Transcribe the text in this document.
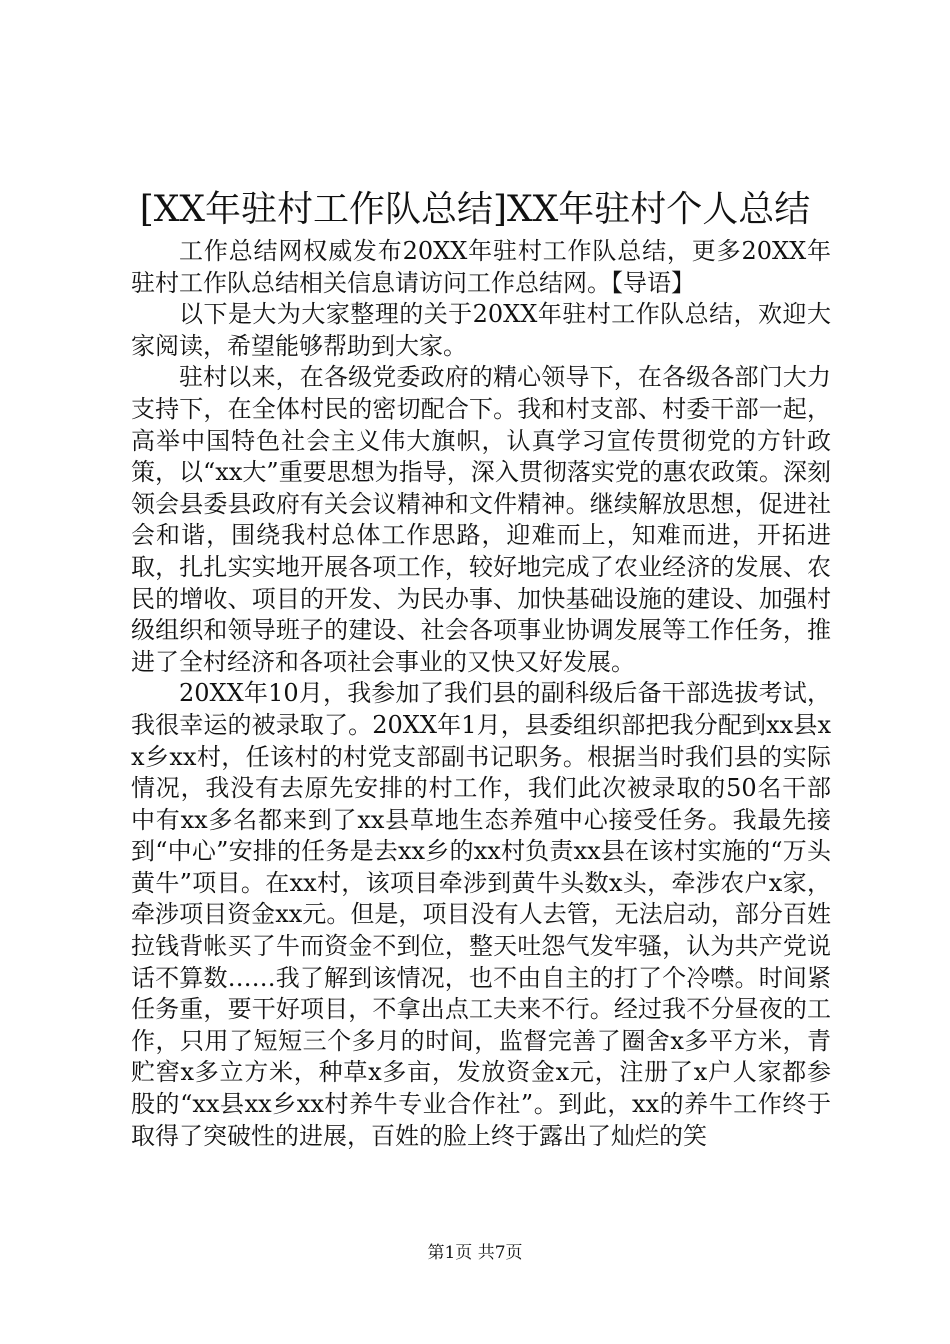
[XX年驻村工作队总结]XX年驻村个人总结

工作总结网权威发布20XX年驻村工作队总结，更多20XX年驻村工作队总结相关信息请访问工作总结网。【导语】

以下是大为大家整理的关于20XX年驻村工作队总结，欢迎大家阅读，希望能够帮助到大家。

驻村以来，在各级党委政府的精心领导下，在各级各部门大力支持下，在全体村民的密切配合下。我和村支部、村委干部一起，高举中国特色社会主义伟大旗帜，认真学习宣传贯彻党的方针政策，以“xx大”重要思想为指导，深入贯彻落实党的惠农政策。深刻领会县委县政府有关会议精神和文件精神。继续解放思想，促进社会和谐，围绕我村总体工作思路，迎难而上，知难而进，开拓进取，扎扎实实地开展各项工作，较好地完成了农业经济的发展、农民的增收、项目的开发、为民办事、加快基础设施的建设、加强村级组织和领导班子的建设、社会各项事业协调发展等工作任务，推进了全村经济和各项社会事业的又快又好发展。

20XX年10月，我参加了我们县的副科级后备干部选拔考试，我很幸运的被录取了。20XX年1月，县委组织部把我分配到xx县xx乡xx村，任该村的村党支部副书记职务。根据当时我们县的实际情况，我没有去原先安排的村工作，我们此次被录取的50名干部中有xx多名都来到了xx县草地生态养殖中心接受任务。我最先接到“中心”安排的任务是去xx乡的xx村负责xx县在该村实施的“万头黄牛”项目。在xx村，该项目牵涉到黄牛头数x头，牵涉农户x家，牵涉项目资金xx元。但是，项目没有人去管，无法启动，部分百姓拉钱背帐买了牛而资金不到位，整天吐怨气发牢骚，认为共产党说话不算数……我了解到该情况，也不由自主的打了个冷噤。时间紧任务重，要干好项目，不拿出点工夫来不行。经过我不分昼夜的工作，只用了短短三个多月的时间，监督完善了圈舍x多平方米，青贮窖x多立方米，种草x多亩，发放资金x元，注册了x户人家都参股的“xx县xx乡xx村养牛专业合作社”。到此，xx的养牛工作终于取得了突破性的进展，百姓的脸上终于露出了灿烂的笑

第1页 共7页
